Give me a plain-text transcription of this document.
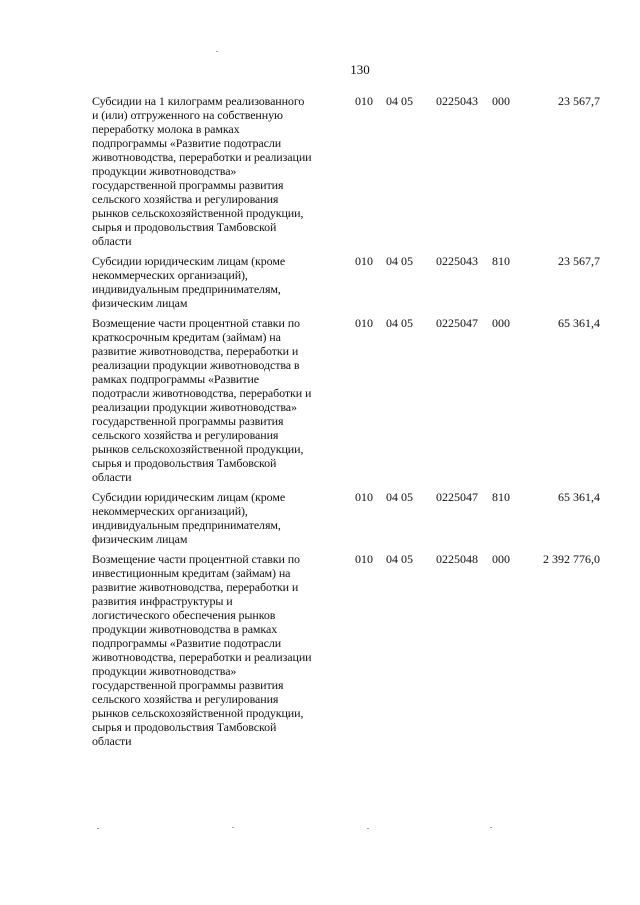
130
Субсидии на 1 килограмм реализованного
и (или) отгруженного на собственную
переработку молока в рамках
подпрограммы «Развитие подотрасли
животноводства, переработки и реализации
продукции животноводства»
государственной программы развития
сельского хозяйства и регулирования
рынков сельскохозяйственной продукции,
сырья и продовольствия Тамбовской
области
010 04 05 0225043 000	23 567,7
Субсидии юридическим лицам (кроме
некоммерческих организаций),
индивидуальным предпринимателям,
физическим лицам
010 04 05 0225043 810	23 567,7
Возмещение части процентной ставки по
краткосрочным кредитам (займам) на
развитие животноводства, переработки и
реализации продукции животноводства в
рамках подпрограммы «Развитие
подотрасли животноводства, переработки и
реализации продукции животноводства»
государственной программы развития
сельского хозяйства и регулирования
рынков сельскохозяйственной продукции,
сырья и продовольствия Тамбовской
области
010 04 05 0225047 000	65 361,4
Субсидии юридическим лицам (кроме
некоммерческих организаций),
индивидуальным предпринимателям,
физическим лицам
010 04 05 0225047 810	65 361,4
Возмещение части процентной ставки по
инвестиционным кредитам (займам) на
развитие животноводства, переработки и
развития инфраструктуры и
логистического обеспечения рынков
продукции животноводства в рамках
подпрограммы «Развитие подотрасли
животноводства, переработки и реализации
продукции животноводства»
государственной программы развития
сельского хозяйства и регулирования
рынков сельскохозяйственной продукции,
сырья и продовольствия Тамбовской
области
010 04 05 0225048 000	2 392 776,0
